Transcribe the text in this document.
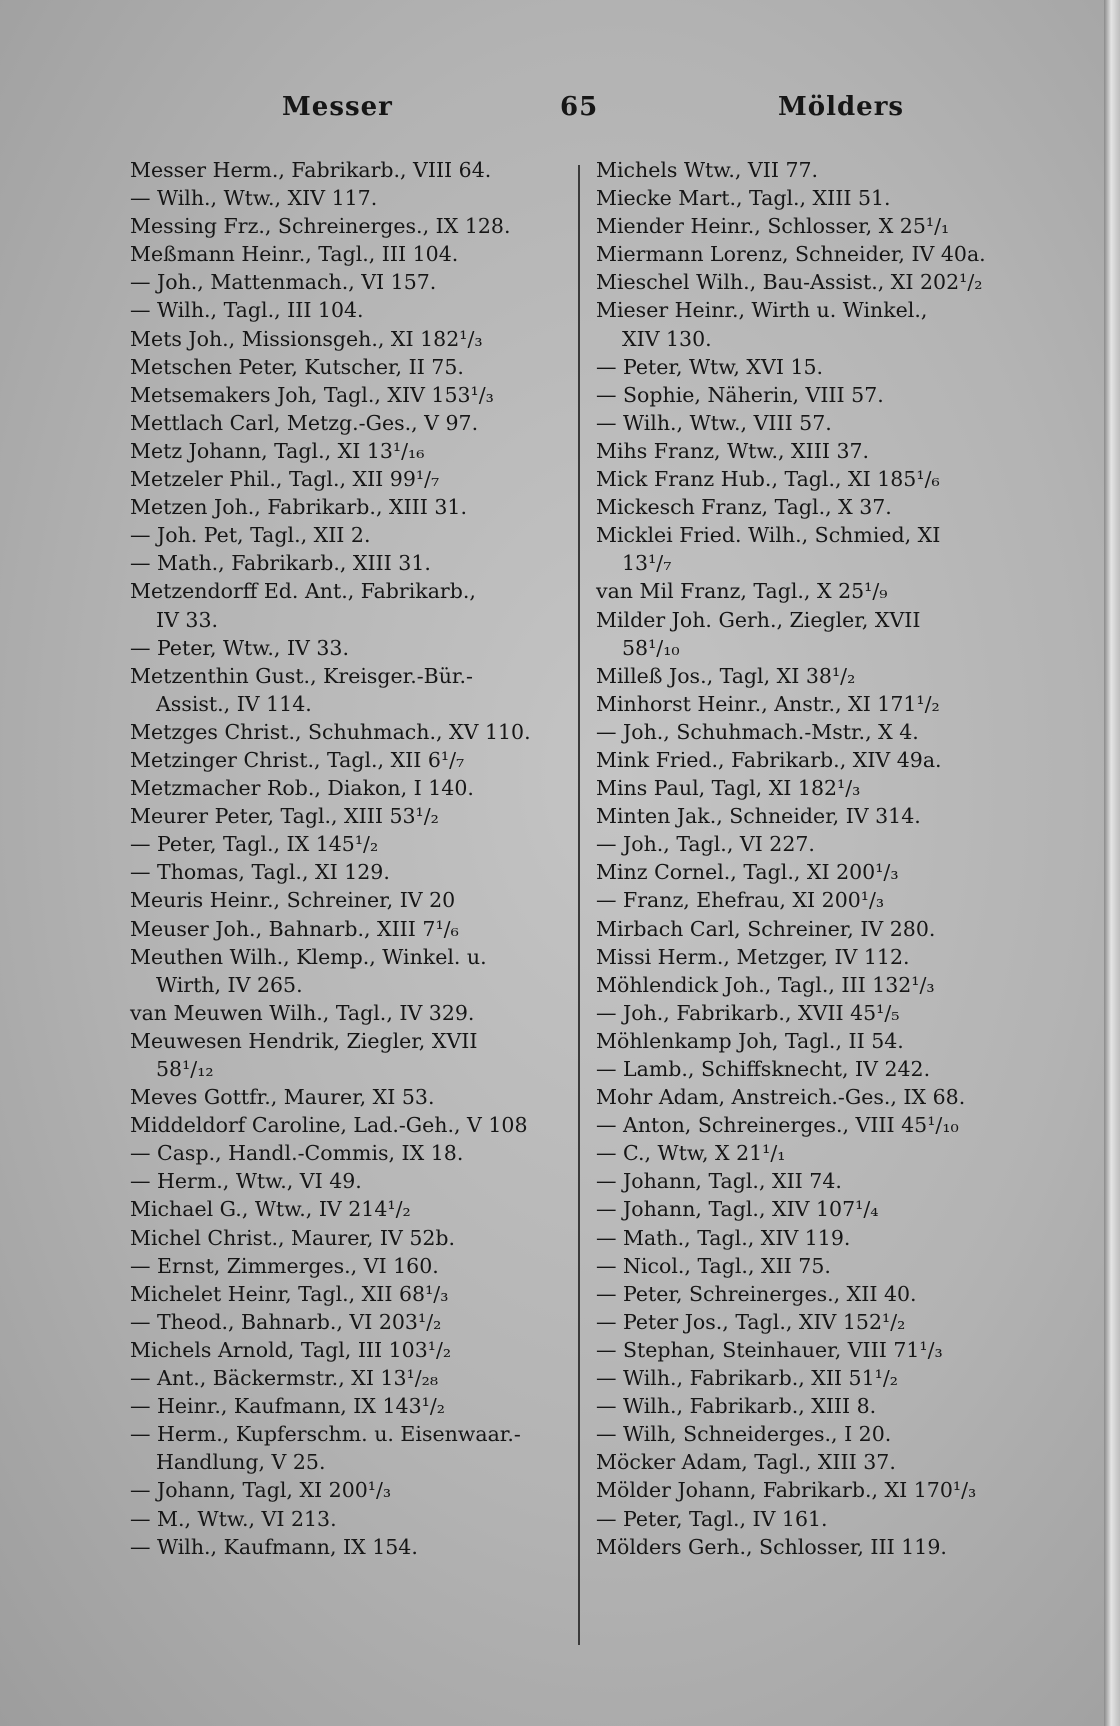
Messer	65	Mölders
Messer Herm., Fabrikarb., VIII 64.
— Wilh., Wtw., XIV 117.
Messing Frz., Schreinerges., IX 128.
Meßmann Heinr., Tagl., III 104.
— Joh., Mattenmach., VI 157.
— Wilh., Tagl., III 104.
Mets Joh., Missionsgeh., XI 182¹/₃
Metschen Peter, Kutscher, II 75.
Metsemakers Joh, Tagl., XIV 153¹/₃
Mettlach Carl, Metzg.-Ges., V 97.
Metz Johann, Tagl., XI 13¹/₁₆
Metzeler Phil., Tagl., XII 99¹/₇
Metzen Joh., Fabrikarb., XIII 31.
— Joh. Pet, Tagl., XII 2.
— Math., Fabrikarb., XIII 31.
Metzendorff Ed. Ant., Fabrikarb.,
IV 33.
— Peter, Wtw., IV 33.
Metzenthin Gust., Kreisger.-Bür.-
Assist., IV 114.
Metzges Christ., Schuhmach., XV 110.
Metzinger Christ., Tagl., XII 6¹/₇
Metzmacher Rob., Diakon, I 140.
Meurer Peter, Tagl., XIII 53¹/₂
— Peter, Tagl., IX 145¹/₂
— Thomas, Tagl., XI 129.
Meuris Heinr., Schreiner, IV 20
Meuser Joh., Bahnarb., XIII 7¹/₆
Meuthen Wilh., Klemp., Winkel. u.
Wirth, IV 265.
van Meuwen Wilh., Tagl., IV 329.
Meuwesen Hendrik, Ziegler, XVII
58¹/₁₂
Meves Gottfr., Maurer, XI 53.
Middeldorf Caroline, Lad.-Geh., V 108
— Casp., Handl.-Commis, IX 18.
— Herm., Wtw., VI 49.
Michael G., Wtw., IV 214¹/₂
Michel Christ., Maurer, IV 52b.
— Ernst, Zimmerges., VI 160.
Michelet Heinr, Tagl., XII 68¹/₃
— Theod., Bahnarb., VI 203¹/₂
Michels Arnold, Tagl, III 103¹/₂
— Ant., Bäckermstr., XI 13¹/₂₈
— Heinr., Kaufmann, IX 143¹/₂
— Herm., Kupferschm. u. Eisenwaar.-
Handlung, V 25.
— Johann, Tagl, XI 200¹/₃
— M., Wtw., VI 213.
— Wilh., Kaufmann, IX 154.
Michels Wtw., VII 77.
Miecke Mart., Tagl., XIII 51.
Miender Heinr., Schlosser, X 25¹/₁
Miermann Lorenz, Schneider, IV 40a.
Mieschel Wilh., Bau-Assist., XI 202¹/₂
Mieser Heinr., Wirth u. Winkel.,
XIV 130.
— Peter, Wtw, XVI 15.
— Sophie, Näherin, VIII 57.
— Wilh., Wtw., VIII 57.
Mihs Franz, Wtw., XIII 37.
Mick Franz Hub., Tagl., XI 185¹/₆
Mickesch Franz, Tagl., X 37.
Micklei Fried. Wilh., Schmied, XI
13¹/₇
van Mil Franz, Tagl., X 25¹/₉
Milder Joh. Gerh., Ziegler, XVII
58¹/₁₀
Milleß Jos., Tagl, XI 38¹/₂
Minhorst Heinr., Anstr., XI 171¹/₂
— Joh., Schuhmach.-Mstr., X 4.
Mink Fried., Fabrikarb., XIV 49a.
Mins Paul, Tagl, XI 182¹/₃
Minten Jak., Schneider, IV 314.
— Joh., Tagl., VI 227.
Minz Cornel., Tagl., XI 200¹/₃
— Franz, Ehefrau, XI 200¹/₃
Mirbach Carl, Schreiner, IV 280.
Missi Herm., Metzger, IV 112.
Möhlendick Joh., Tagl., III 132¹/₃
— Joh., Fabrikarb., XVII 45¹/₅
Möhlenkamp Joh, Tagl., II 54.
— Lamb., Schiffsknecht, IV 242.
Mohr Adam, Anstreich.-Ges., IX 68.
— Anton, Schreinerges., VIII 45¹/₁₀
— C., Wtw, X 21¹/₁
— Johann, Tagl., XII 74.
— Johann, Tagl., XIV 107¹/₄
— Math., Tagl., XIV 119.
— Nicol., Tagl., XII 75.
— Peter, Schreinerges., XII 40.
— Peter Jos., Tagl., XIV 152¹/₂
— Stephan, Steinhauer, VIII 71¹/₃
— Wilh., Fabrikarb., XII 51¹/₂
— Wilh., Fabrikarb., XIII 8.
— Wilh, Schneiderges., I 20.
Möcker Adam, Tagl., XIII 37.
Mölder Johann, Fabrikarb., XI 170¹/₃
— Peter, Tagl., IV 161.
Mölders Gerh., Schlosser, III 119.
